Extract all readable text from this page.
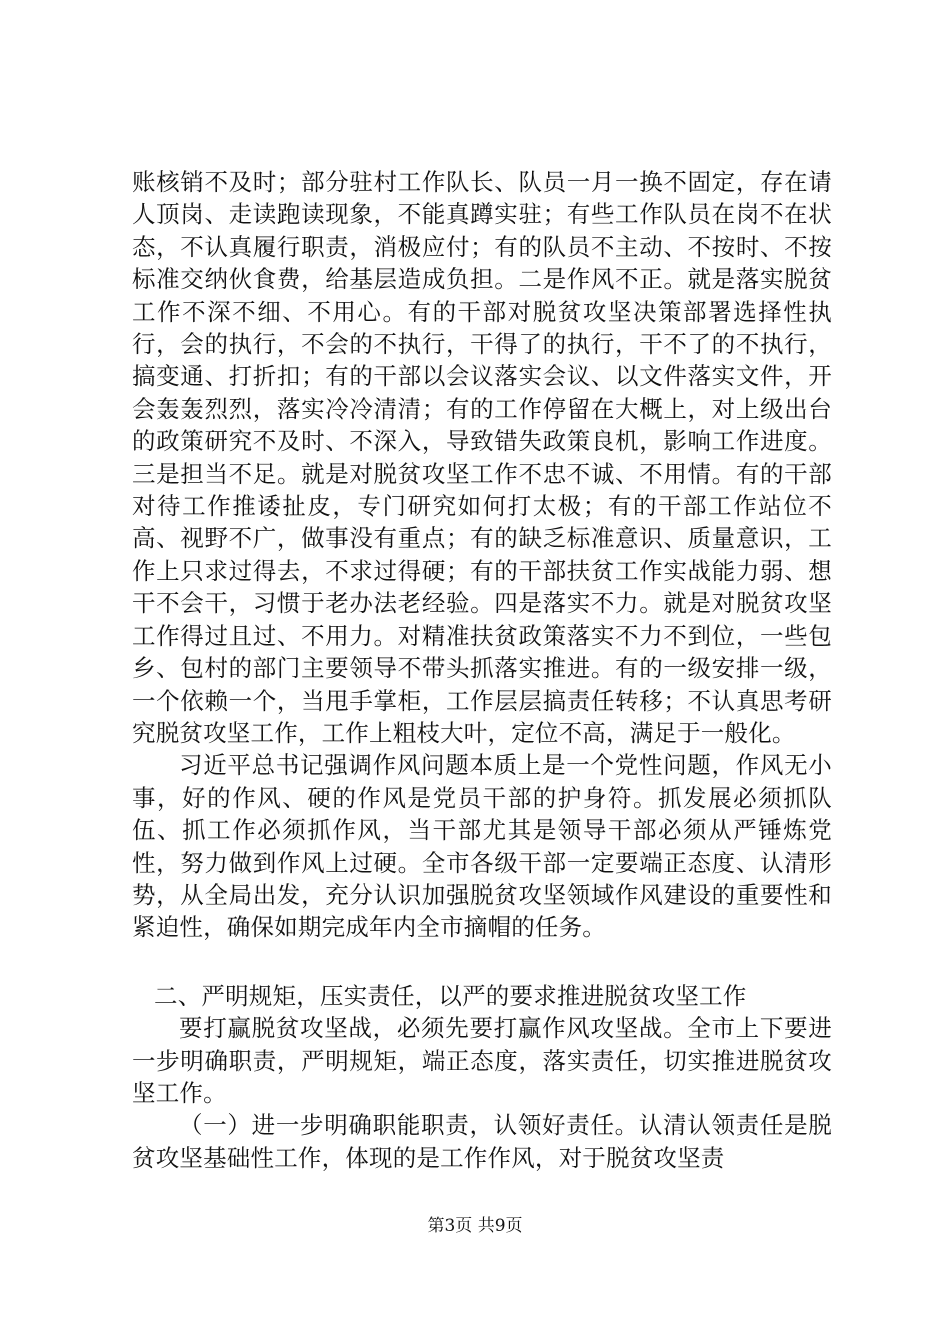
账核销不及时；部分驻村工作队长、队员一月一换不固定，存在请人顶岗、走读跑读现象，不能真蹲实驻；有些工作队员在岗不在状态，不认真履行职责，消极应付；有的队员不主动、不按时、不按标准交纳伙食费，给基层造成负担。二是作风不正。就是落实脱贫工作不深不细、不用心。有的干部对脱贫攻坚决策部署选择性执行，会的执行，不会的不执行，干得了的执行，干不了的不执行，搞变通、打折扣；有的干部以会议落实会议、以文件落实文件，开会轰轰烈烈，落实冷冷清清；有的工作停留在大概上，对上级出台的政策研究不及时、不深入，导致错失政策良机，影响工作进度。三是担当不足。就是对脱贫攻坚工作不忠不诚、不用情。有的干部对待工作推诿扯皮，专门研究如何打太极；有的干部工作站位不高、视野不广，做事没有重点；有的缺乏标准意识、质量意识，工作上只求过得去，不求过得硬；有的干部扶贫工作实战能力弱、想干不会干，习惯于老办法老经验。四是落实不力。就是对脱贫攻坚工作得过且过、不用力。对精准扶贫政策落实不力不到位，一些包乡、包村的部门主要领导不带头抓落实推进。有的一级安排一级，一个依赖一个，当甩手掌柜，工作层层搞责任转移；不认真思考研究脱贫攻坚工作，工作上粗枝大叶，定位不高，满足于一般化。

习近平总书记强调作风问题本质上是一个党性问题，作风无小事，好的作风、硬的作风是党员干部的护身符。抓发展必须抓队伍、抓工作必须抓作风，当干部尤其是领导干部必须从严锤炼党性，努力做到作风上过硬。全市各级干部一定要端正态度、认清形势，从全局出发，充分认识加强脱贫攻坚领域作风建设的重要性和紧迫性，确保如期完成年内全市摘帽的任务。

二、严明规矩，压实责任，以严的要求推进脱贫攻坚工作

要打赢脱贫攻坚战，必须先要打赢作风攻坚战。全市上下要进一步明确职责，严明规矩，端正态度，落实责任，切实推进脱贫攻坚工作。

（一）进一步明确职能职责，认领好责任。认清认领责任是脱贫攻坚基础性工作，体现的是工作作风，对于脱贫攻坚责

第3页 共9页
